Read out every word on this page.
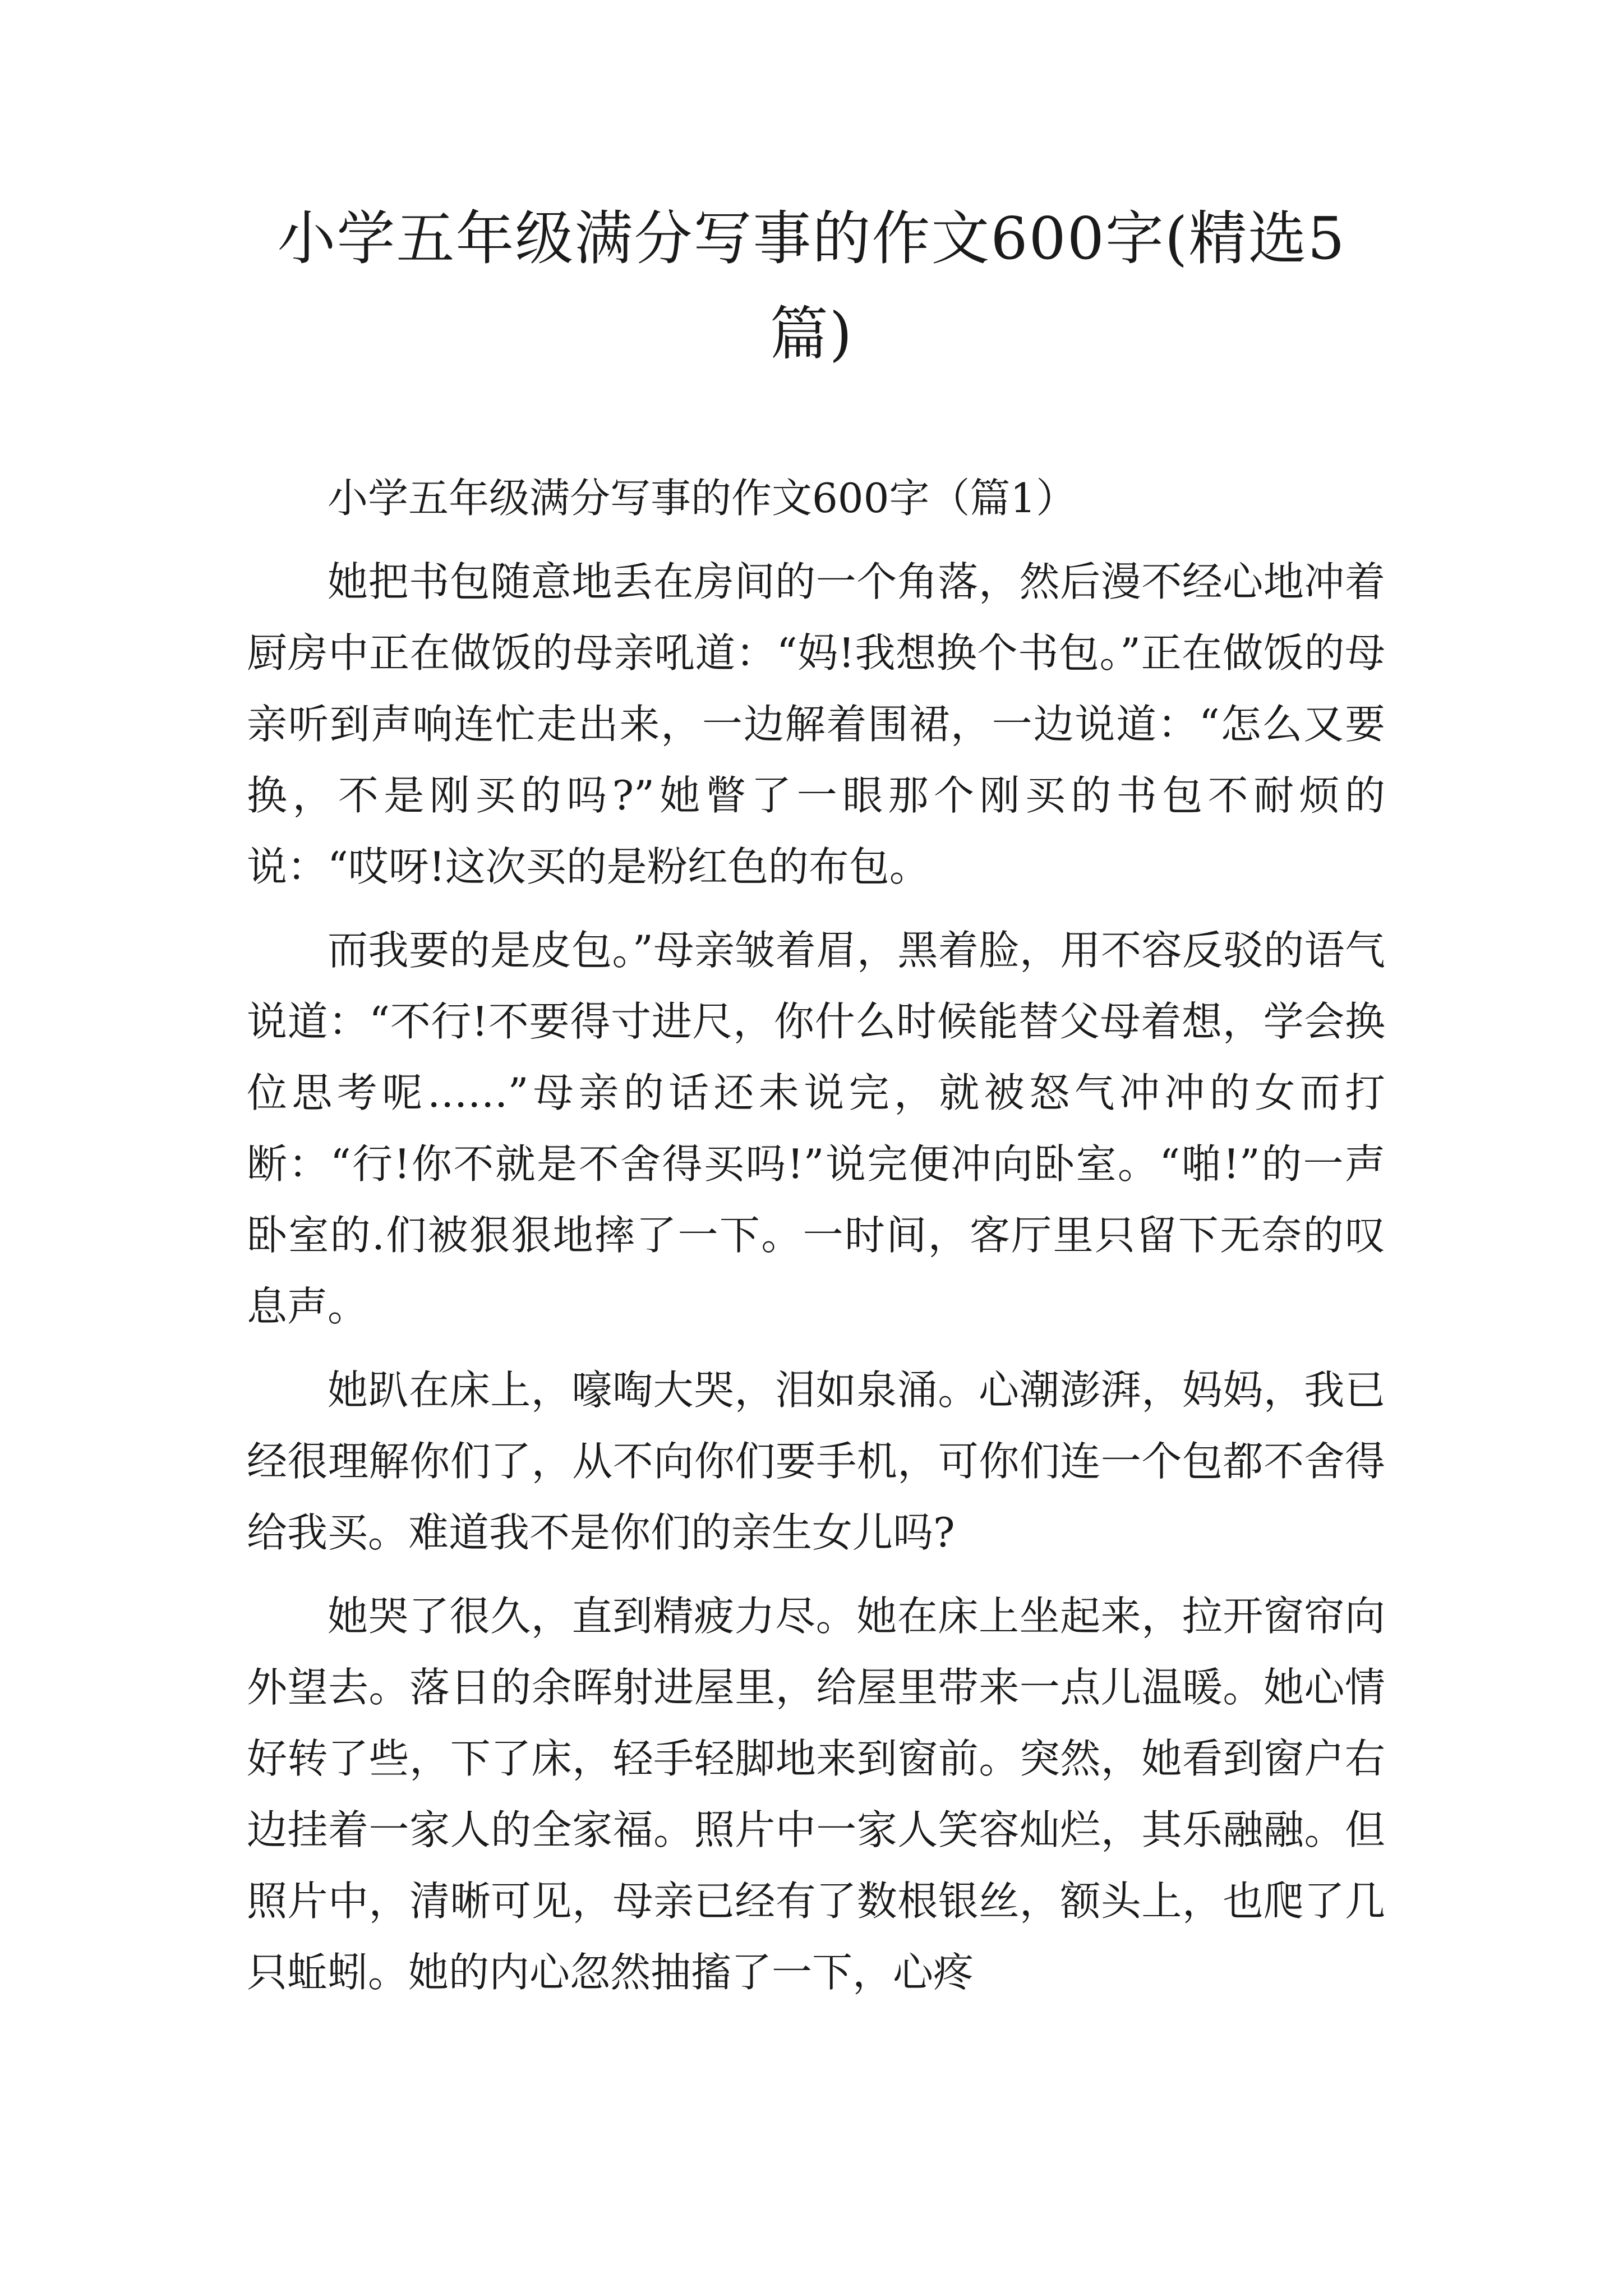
小学五年级满分写事的作文600字(精选5篇)

小学五年级满分写事的作文600字（篇1）

她把书包随意地丢在房间的一个角落，然后漫不经心地冲着厨房中正在做饭的母亲吼道：“妈!我想换个书包。”正在做饭的母亲听到声响连忙走出来，一边解着围裙，一边说道：“怎么又要换，不是刚买的吗?”她瞥了一眼那个刚买的书包不耐烦的说：“哎呀!这次买的是粉红色的布包。

而我要的是皮包。”母亲皱着眉，黑着脸，用不容反驳的语气说道：“不行!不要得寸进尺，你什么时候能替父母着想，学会换位思考呢……”母亲的话还未说完，就被怒气冲冲的女而打断：“行!你不就是不舍得买吗!”说完便冲向卧室。“啪!”的一声卧室的.们被狠狠地摔了一下。一时间，客厅里只留下无奈的叹息声。

她趴在床上，嚎啕大哭，泪如泉涌。心潮澎湃，妈妈，我已经很理解你们了，从不向你们要手机，可你们连一个包都不舍得给我买。难道我不是你们的亲生女儿吗?

她哭了很久，直到精疲力尽。她在床上坐起来，拉开窗帘向外望去。落日的余晖射进屋里，给屋里带来一点儿温暖。她心情好转了些，下了床，轻手轻脚地来到窗前。突然，她看到窗户右边挂着一家人的全家福。照片中一家人笑容灿烂，其乐融融。但照片中，清晰可见，母亲已经有了数根银丝，额头上，也爬了几只蚯蚓。她的内心忽然抽搐了一下，心疼
